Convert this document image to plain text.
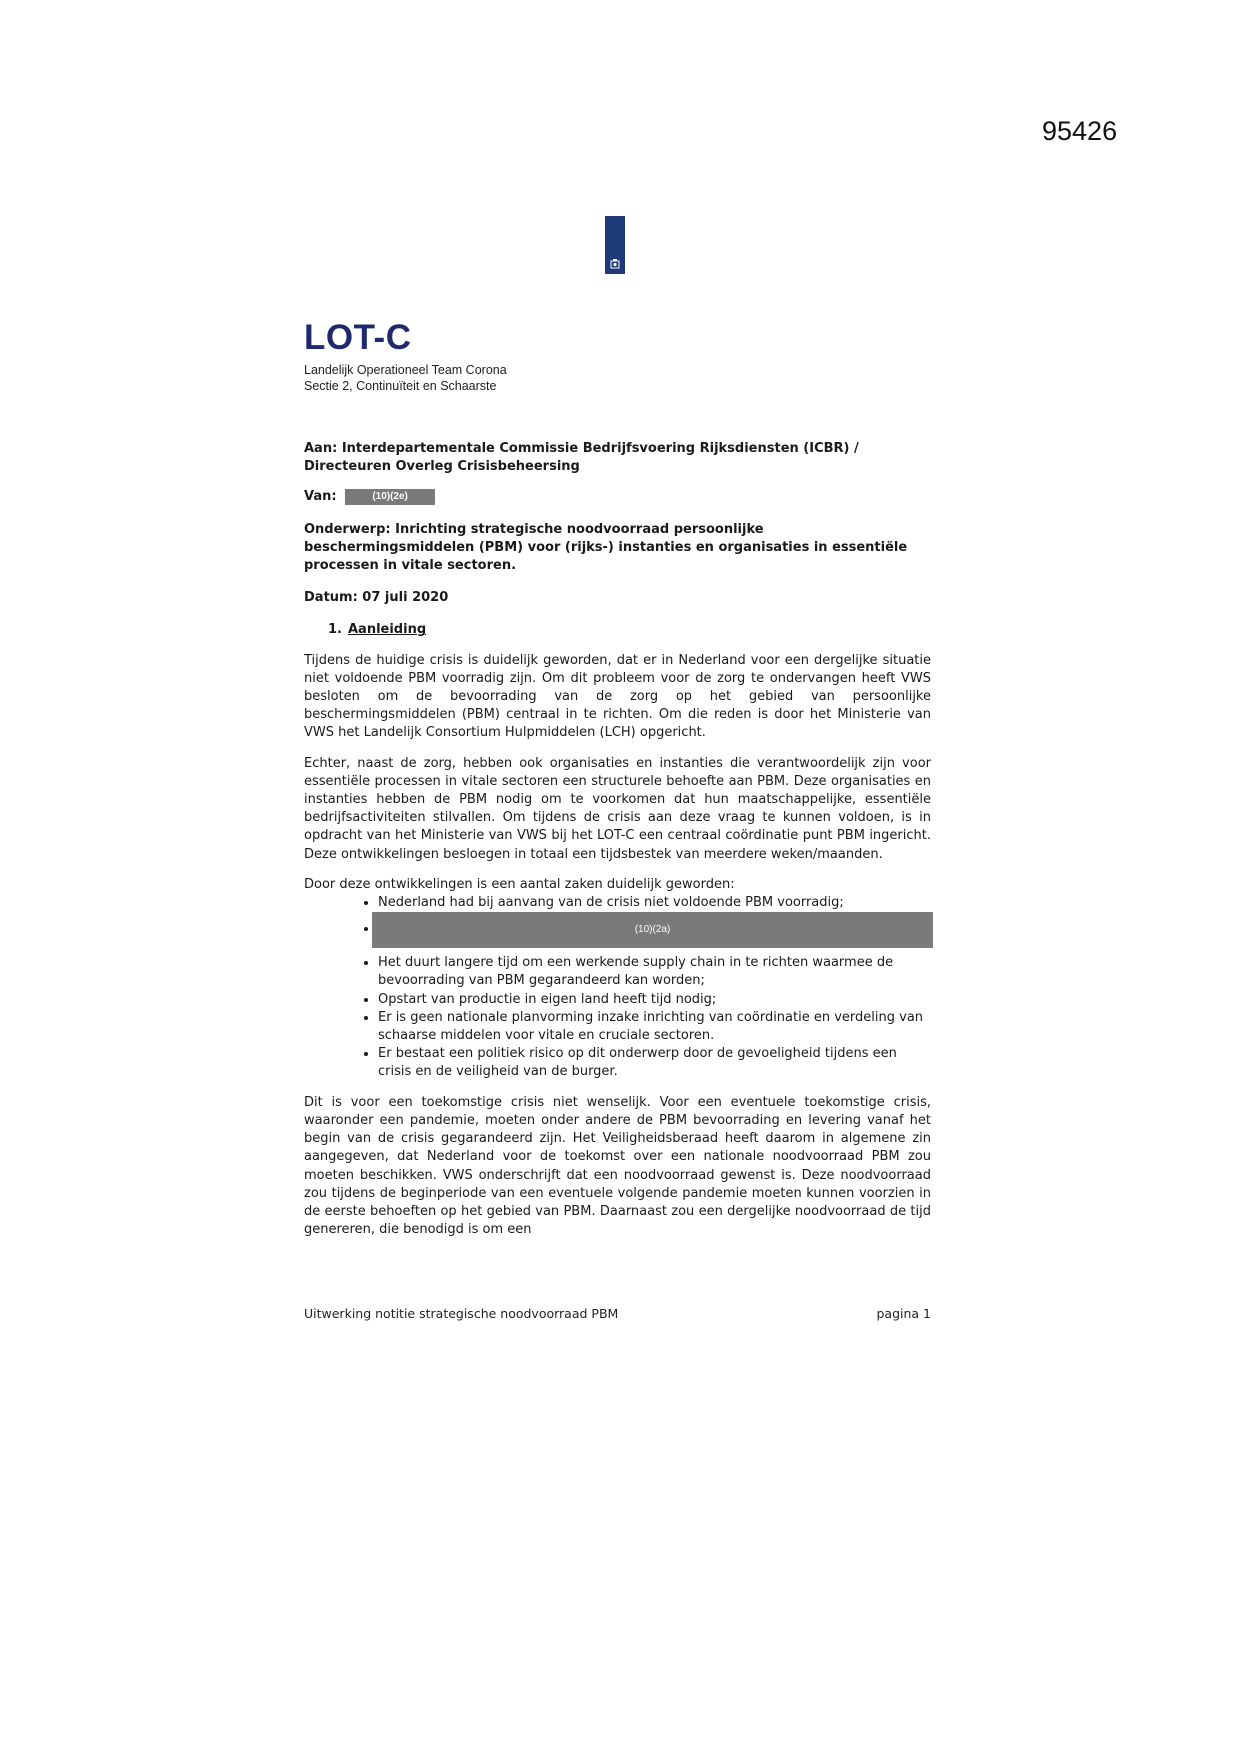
95426
LOT-C
Landelijk Operationeel Team Corona
Sectie 2, Continuïteit en Schaarste
Aan: Interdepartementale Commissie Bedrijfsvoering Rijksdiensten (ICBR) /
Directeuren Overleg Crisisbeheersing
Van:	(10)(2e)
Onderwerp: Inrichting strategische noodvoorraad persoonlijke beschermingsmiddelen (PBM) voor (rijks-) instanties en organisaties in essentiële processen in vitale sectoren.
Datum: 07 juli 2020
1. Aanleiding

Tijdens de huidige crisis is duidelijk geworden, dat er in Nederland voor een dergelijke situatie niet voldoende PBM voorradig zijn. Om dit probleem voor de zorg te ondervangen heeft VWS besloten om de bevoorrading van de zorg op het gebied van persoonlijke beschermingsmiddelen (PBM) centraal in te richten. Om die reden is door het Ministerie van VWS het Landelijk Consortium Hulpmiddelen (LCH) opgericht.

Echter, naast de zorg, hebben ook organisaties en instanties die verantwoordelijk zijn voor essentiële processen in vitale sectoren een structurele behoefte aan PBM. Deze organisaties en instanties hebben de PBM nodig om te voorkomen dat hun maatschappelijke, essentiële bedrijfsactiviteiten stilvallen. Om tijdens de crisis aan deze vraag te kunnen voldoen, is in opdracht van het Ministerie van VWS bij het LOT-C een centraal coördinatie punt PBM ingericht. Deze ontwikkelingen besloegen in totaal een tijdsbestek van meerdere weken/maanden.

Door deze ontwikkelingen is een aantal zaken duidelijk geworden:

• Nederland had bij aanvang van de crisis niet voldoende PBM voorradig;
• (10)(2a)
• Het duurt langere tijd om een werkende supply chain in te richten waarmee de bevoorrading van PBM gegarandeerd kan worden;
• Opstart van productie in eigen land heeft tijd nodig;
• Er is geen nationale planvorming inzake inrichting van coördinatie en verdeling van schaarse middelen voor vitale en cruciale sectoren.
• Er bestaat een politiek risico op dit onderwerp door de gevoeligheid tijdens een crisis en de veiligheid van de burger.

Dit is voor een toekomstige crisis niet wenselijk. Voor een eventuele toekomstige crisis, waaronder een pandemie, moeten onder andere de PBM bevoorrading en levering vanaf het begin van de crisis gegarandeerd zijn. Het Veiligheidsberaad heeft daarom in algemene zin aangegeven, dat Nederland voor de toekomst over een nationale noodvoorraad PBM zou moeten beschikken. VWS onderschrijft dat een noodvoorraad gewenst is. Deze noodvoorraad zou tijdens de beginperiode van een eventuele volgende pandemie moeten kunnen voorzien in de eerste behoeften op het gebied van PBM. Daarnaast zou een dergelijke noodvoorraad de tijd genereren, die benodigd is om een

Uitwerking notitie strategische noodvoorraad PBM	pagina 1
